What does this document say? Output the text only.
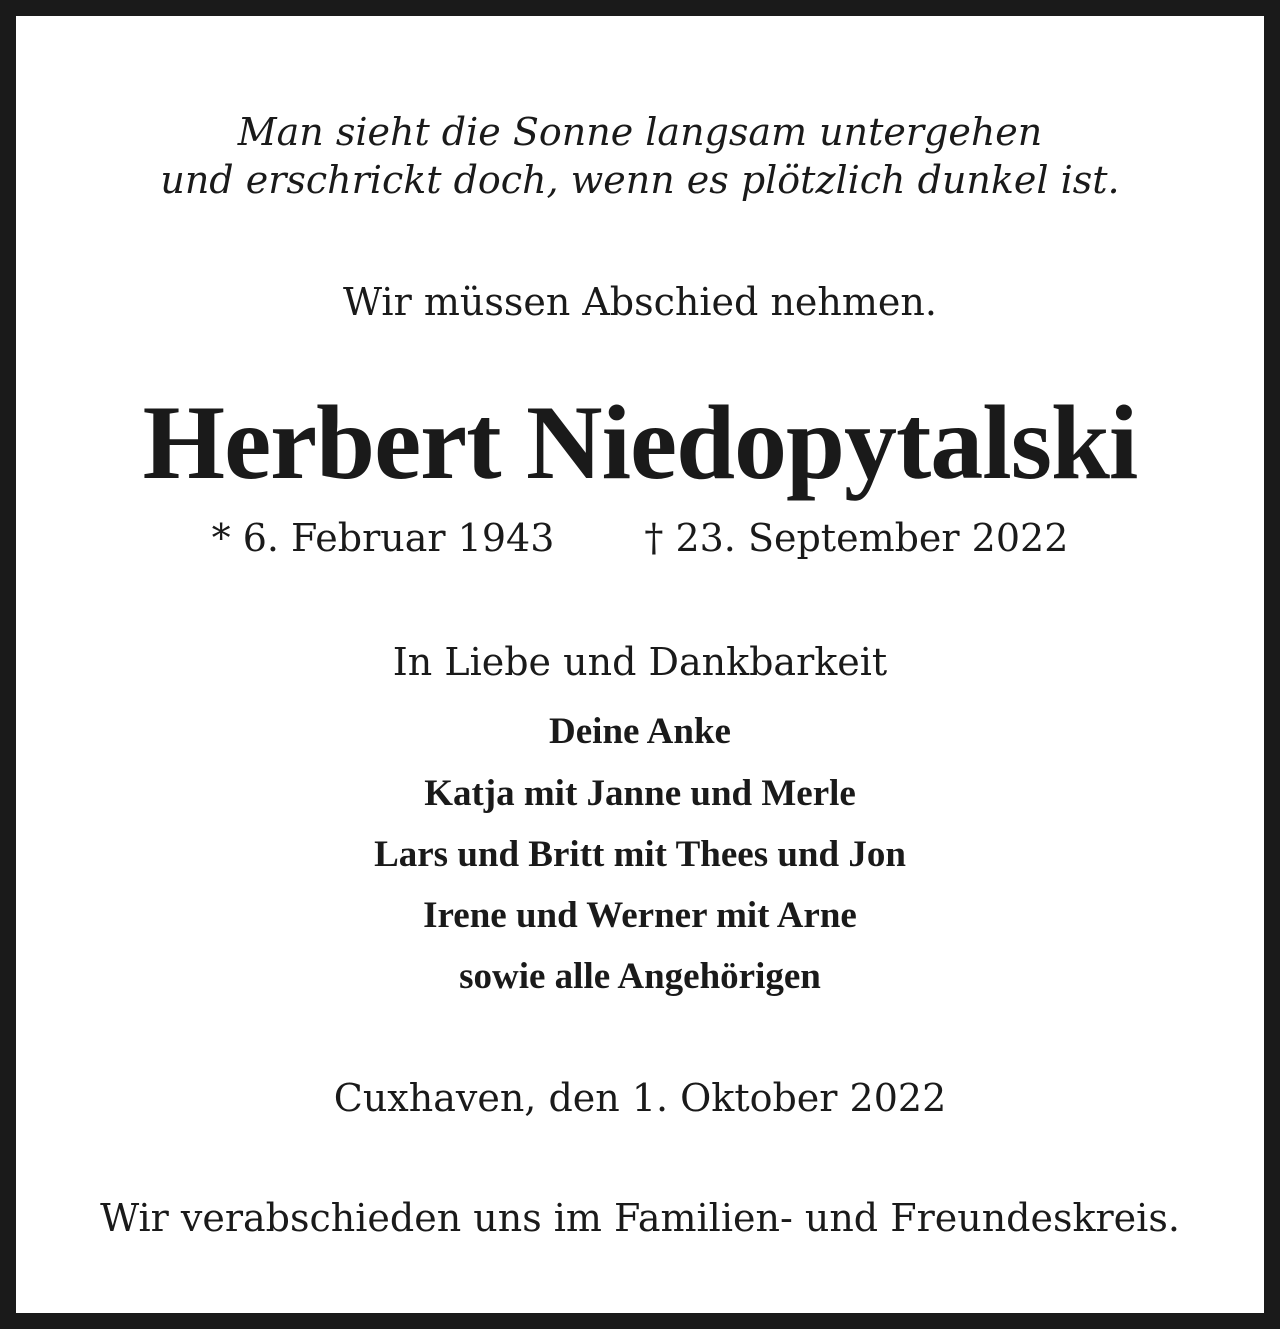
Man sieht die Sonne langsam untergehen
und erschrickt doch, wenn es plötzlich dunkel ist.
Wir müssen Abschied nehmen.
Herbert Niedopytalski
* 6. Februar 1943 † 23. September 2022
In Liebe und Dankbarkeit
Deine Anke
Katja mit Janne und Merle
Lars und Britt mit Thees und Jon
Irene und Werner mit Arne
sowie alle Angehörigen
Cuxhaven, den 1. Oktober 2022
Wir verabschieden uns im Familien- und Freundeskreis.
